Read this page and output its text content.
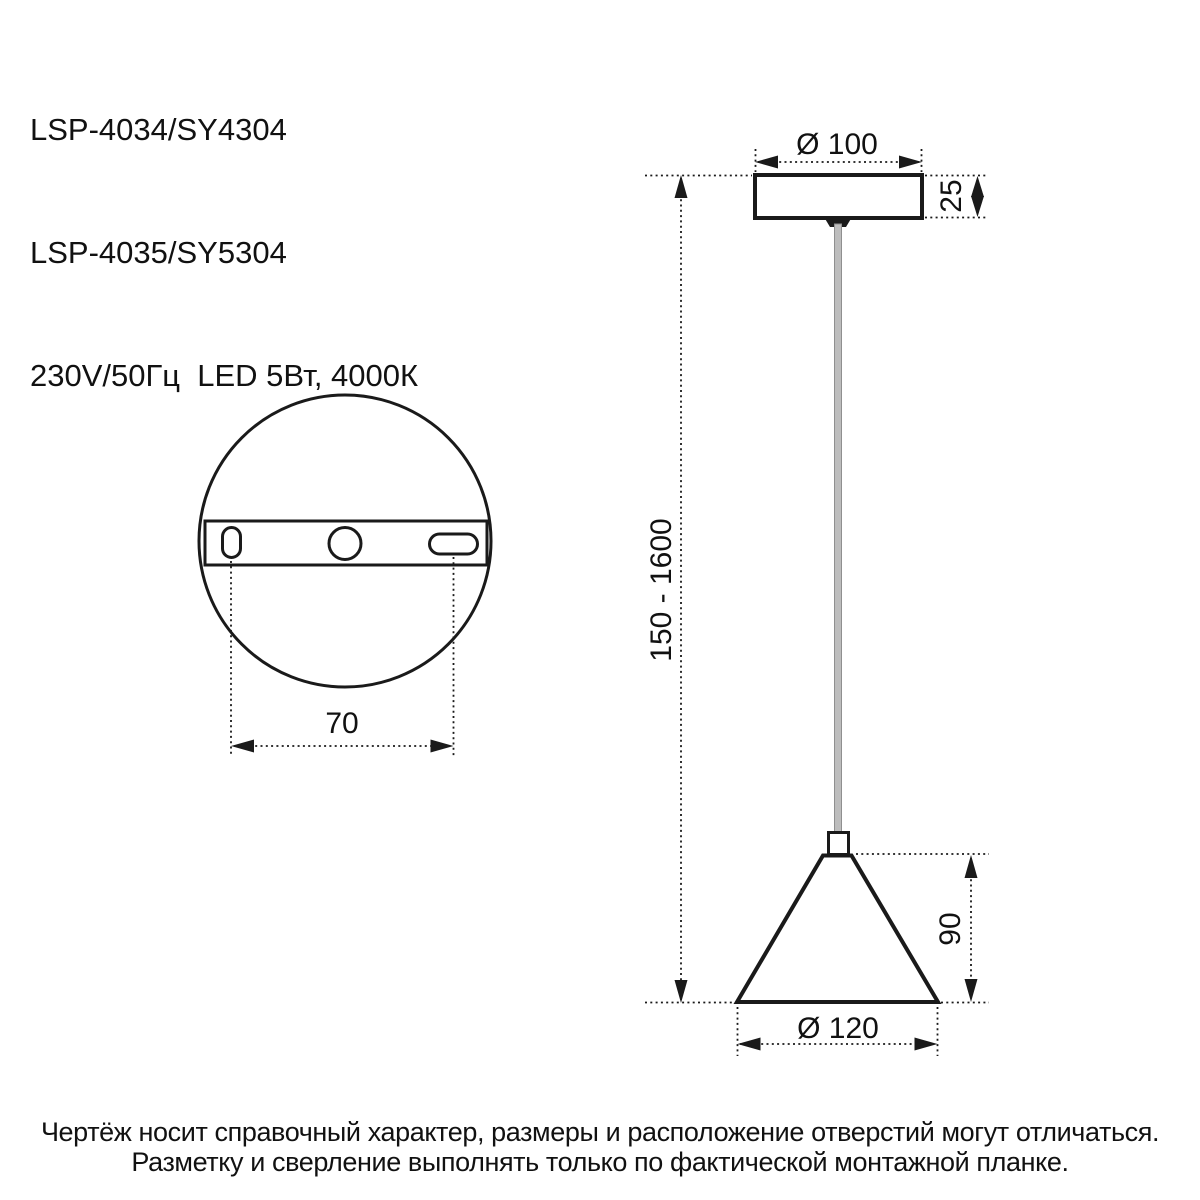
LSP-4034/SY4304

LSP-4035/SY5304

230V/50Гц  LED 5Вт, 4000К

70
Ø 100
25
150 - 1600
90
Ø 120
Чертёж носит справочный характер, размеры и расположение отверстий могут отличаться.
Разметку и сверление выполнять только по фактической монтажной планке.
